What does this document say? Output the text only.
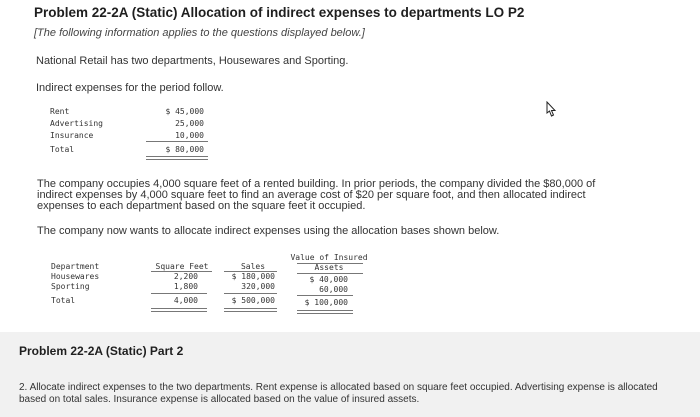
Problem 22-2A (Static) Allocation of indirect expenses to departments LO P2
[The following information applies to the questions displayed below.]
National Retail has two departments, Housewares and Sporting.
Indirect expenses for the period follow.
Rent	$ 45,000
Advertising	25,000
Insurance	10,000
Total	$ 80,000
The company occupies 4,000 square feet of a rented building. In prior periods, the company divided the $80,000 of
indirect expenses by 4,000 square feet to find an average cost of $20 per square foot, and then allocated indirect
expenses to each department based on the square feet it occupied.
The company now wants to allocate indirect expenses using the allocation bases shown below.
Value of Insured
Department	Square Feet	Sales	Assets
Housewares	2,200	$ 180,000	$ 40,000
Sporting	1,800	320,000	60,000
Total	4,000	$ 500,000	$ 100,000
Problem 22-2A (Static) Part 2
2. Allocate indirect expenses to the two departments. Rent expense is allocated based on square feet occupied. Advertising expense is allocated based on total sales. Insurance expense is allocated based on the value of insured assets.
